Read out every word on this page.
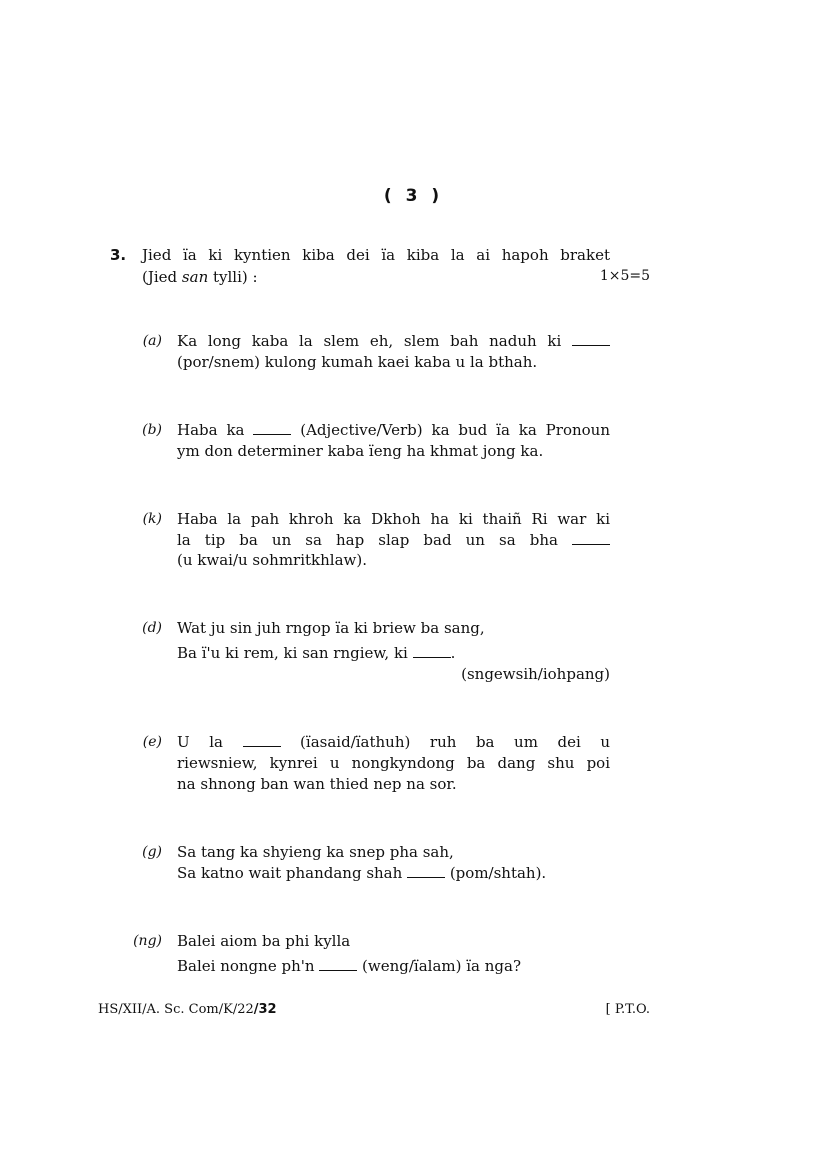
( 3 )
3. Jied ïa ki kyntien kiba dei ïa kiba la ai hapoh braket
(Jied san tylli) :	1×5=5
(a) Ka long kaba la slem eh, slem bah naduh ki
(por/snem) kulong kumah kaei kaba u la bthah.
(b) Haba ka	(Adjective/Verb) ka bud ïa ka Pronoun
ym don determiner kaba ïeng ha khmat jong ka.
(k) Haba la pah khroh ka Dkhoh ha ki thaiñ Ri war ki
la tip ba un sa hap slap bad un sa bha
(u kwai/u sohmritkhlaw).
(d) Wat ju sin juh rngop ïa ki briew ba sang,
Ba ï'u ki rem, ki san rngiew, ki	.
(sngewsih/iohpang)
(e) U la	(ïasaid/ïathuh) ruh ba um dei u
riewsniew, kynrei u nongkyndong ba dang shu poi
na shnong ban wan thied nep na sor.
(g) Sa tang ka shyieng ka snep pha sah,
Sa katno wait phandang shah	(pom/shtah).
(ng) Balei aiom ba phi kylla
Balei nongne ph'n	(weng/ïalam) ïa nga?
HS/XII/A. Sc. Com/K/22/32	[ P.T.O.
